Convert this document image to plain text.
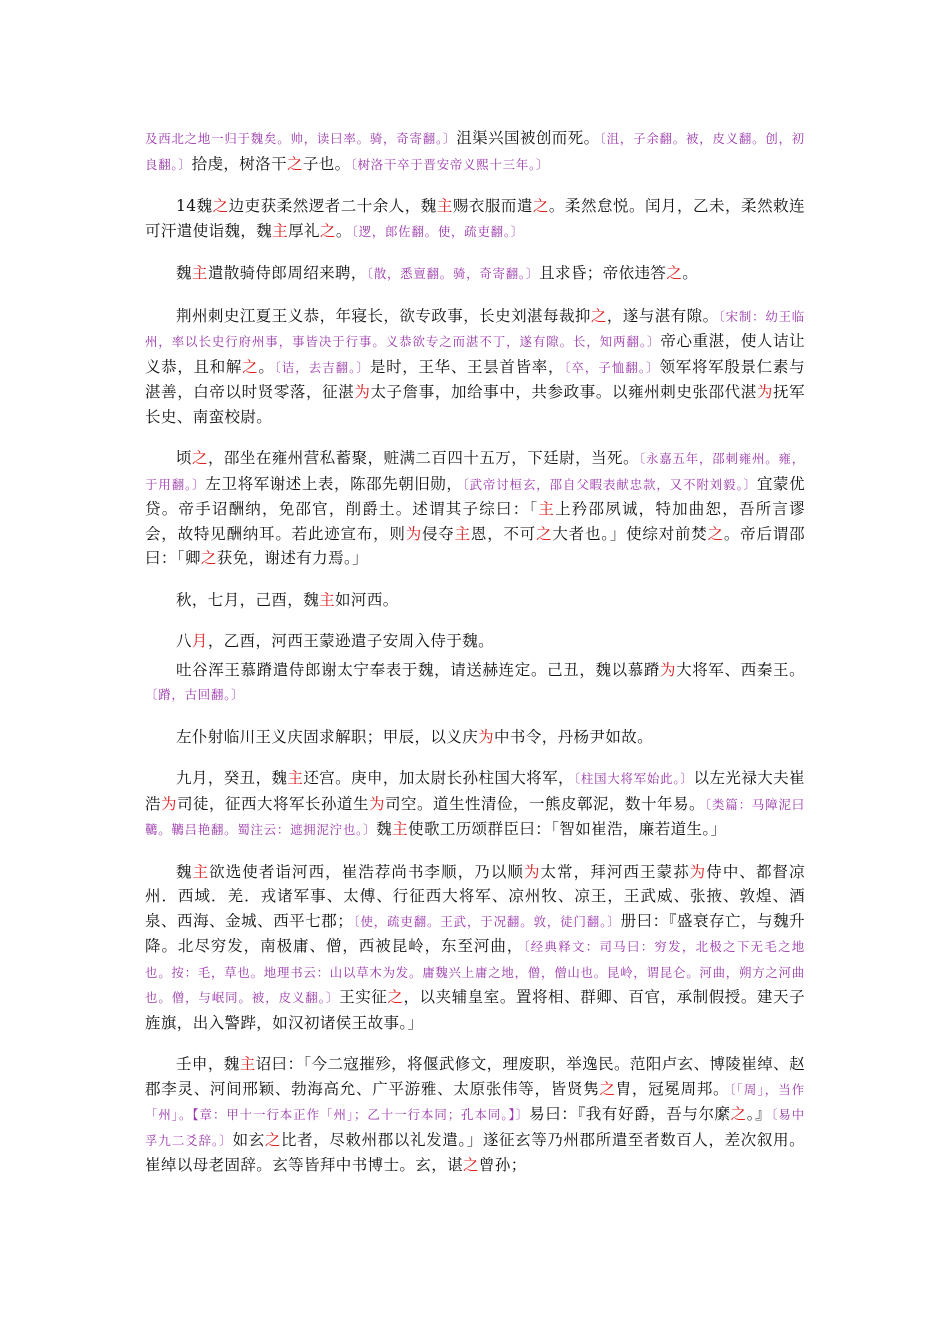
及西北之地一归于魏矣。帅，读曰率。骑，奇寄翻。〕沮渠兴国被创而死。〔沮，子余翻。被，皮义翻。创，初良翻。〕拾虔，树洛干之子也。〔树洛干卒于晋安帝义熙十三年。〕

14魏之边吏获柔然逻者二十余人，魏主赐衣服而遣之。柔然怠悦。闰月，乙未，柔然敕连可汗遣使诣魏，魏主厚礼之。〔逻，郎佐翻。使，疏吏翻。〕

魏主遣散骑侍郎周绍来聘，〔散，悉亶翻。骑，奇寄翻。〕且求昏；帝依违答之。

荆州刺史江夏王义恭，年寝长，欲专政事，长史刘湛每裁抑之，遂与湛有隙。〔宋制：幼王临州，率以长史行府州事，事皆决于行事。义恭欲专之而湛不丁，遂有隙。长，知两翻。〕帝心重湛，使人诘让义恭，且和解之。〔诘，去吉翻。〕是时，王华、王昙首皆率，〔卒，子恤翻。〕领军将军殷景仁素与湛善，白帝以时贤零落，征湛为太子詹事，加给事中，共参政事。以雍州刺史张邵代湛为抚军长史、南蛮校尉。

顷之，邵坐在雍州营私蓄聚，赃满二百四十五万，下廷尉，当死。〔永嘉五年，邵刺雍州。雍，于用翻。〕左卫将军谢述上表，陈邵先朝旧勋，〔武帝讨桓玄，邵自父暇表献忠款，又不附刘毅。〕宜蒙优贷。帝手诏酬纳，免邵官，削爵土。述谓其子综曰：「主上矜邵夙诚，特加曲恕，吾所言谬会，故特见酬纳耳。若此迹宣布，则为侵夺主恩，不可之大者也。」使综对前焚之。帝后谓邵曰：「卿之获免，谢述有力焉。」

秋，七月，己酉，魏主如河西。

八月，乙酉，河西王蒙逊遣子安周入侍于魏。

吐谷浑王慕蹐遣侍郎谢太宁奉表于魏，请送赫连定。己丑，魏以慕蹐为大将军、西秦王。〔蹐，古回翻。〕

左仆射临川王义庆固求解职；甲辰，以义庆为中书令，丹杨尹如故。

九月，癸丑，魏主还宫。庚申，加太尉长孙柱国大将军，〔柱国大将军始此。〕以左光禄大夫崔浩为司徒，征西大将军长孙道生为司空。道生性清俭，一熊皮鄣泥，数十年易。〔类篇：马障泥曰韀。韀吕艳翻。蜀注云：遮拥泥泞也。〕魏主使歌工历颂群臣曰：「智如崔浩，廉若道生。」

魏主欲选使者诣河西，崔浩荐尚书李顺，乃以顺为太常，拜河西王蒙荪为侍中、都督凉州．西域．羌．戎诸军事、太傅、行征西大将军、凉州牧、凉王，王武威、张掖、敦煌、酒泉、西海、金城、西平七郡；〔使，疏吏翻。王武，于况翻。敦，徒门翻。〕册曰：『盛衰存亡，与魏升降。北尽穷发，南极庸、僧，西被昆岭，东至河曲，〔经典释文：司马曰：穷发，北极之下无毛之地也。按：毛，草也。地理书云：山以草木为发。庸魏兴上庸之地，僧，僧山也。昆岭，谓昆仑。河曲，朔方之河曲也。僧，与岷同。被，皮义翻。〕王实征之，以夹辅皇室。置将相、群卿、百官，承制假授。建天子旌旗，出入警跸，如汉初诸侯王故事。」

壬申，魏主诏曰：「今二寇摧殄，将偃武修文，理废职，举逸民。范阳卢玄、博陵崔绰、赵郡李灵、河间邢颖、勃海高允、广平游雅、太原张伟等，皆贤隽之胄，冠冕周邦。〔「周」，当作「州」。【章：甲十一行本正作「州」；乙十一行本同；孔本同。】〕易曰：『我有好爵，吾与尔縻之。』〔易中孚九二爻辞。〕如玄之比者，尽敕州郡以礼发遣。」遂征玄等乃州郡所遣至者数百人，差次叙用。崔绰以母老固辞。玄等皆拜中书博士。玄，谌之曾孙；
